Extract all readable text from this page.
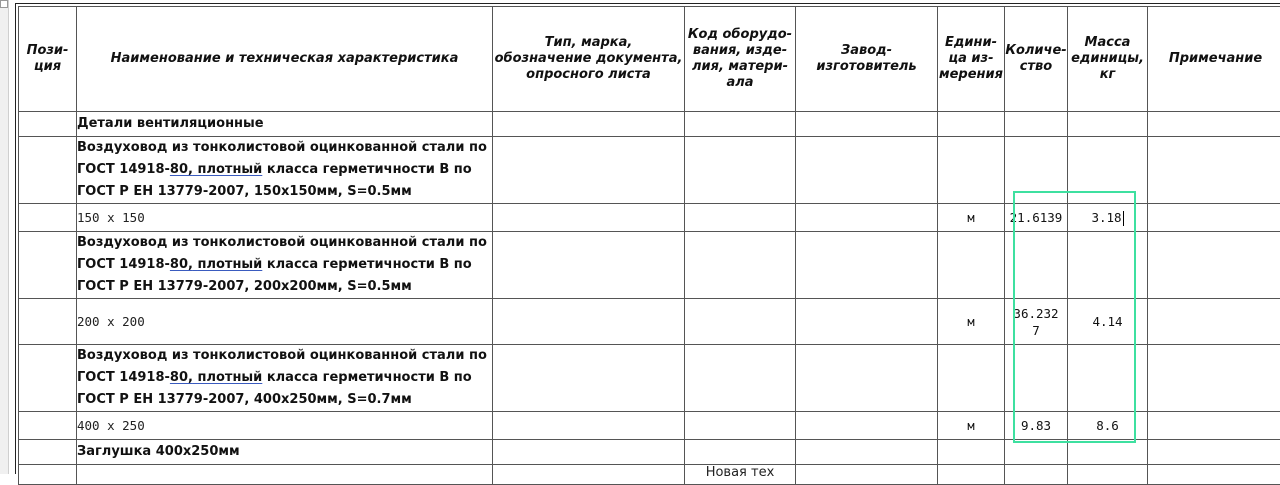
Пози-
ция	Наименование и техническая характеристика	Тип, марка,
обозначение документа,
опросного листа	Код оборудо-
вания, изде-
лия, матери-
ала	Завод-
изготовитель	Едини-
ца из-
мерения	Количе-
ство	Масса
единицы,
кг	Примечание

	Детали вентиляционные							

	Воздуховод из тонколистовой оцинкованной стали по
ГОСТ 14918-80, плотный класса герметичности В по
ГОСТ Р ЕН 13779-2007, 150х150мм, S=0.5мм							

	150 x 150				м	21.6139	3.18	

	Воздуховод из тонколистовой оцинкованной стали по
ГОСТ 14918-80, плотный класса герметичности В по
ГОСТ Р ЕН 13779-2007, 200х200мм, S=0.5мм							

	200 x 200				м	36.232
7	4.14	

	Воздуховод из тонколистовой оцинкованной стали по
ГОСТ 14918-80, плотный класса герметичности В по
ГОСТ Р ЕН 13779-2007, 400х250мм, S=0.7мм							

	400 x 250				м	9.83	8.6	
	Заглушка 400x250мм							
			Новая тех					
